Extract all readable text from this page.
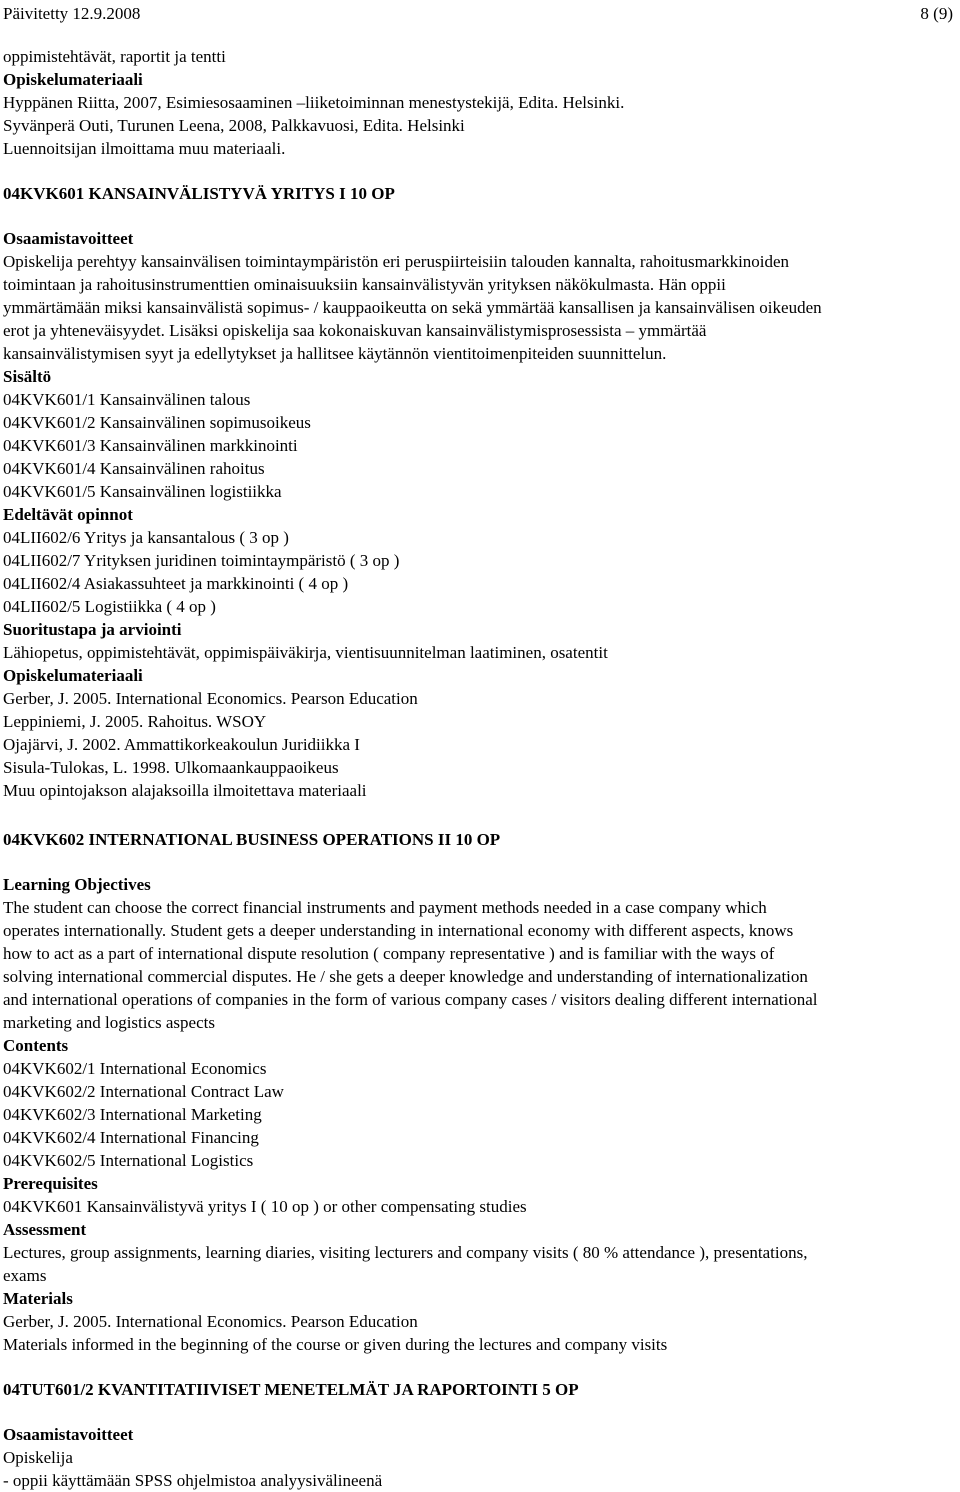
Päivitetty 12.9.2008	8 (9)
oppimistehtävät, raportit ja tentti
Opiskelumateriaali
Hyppänen Riitta, 2007, Esimiesosaaminen –liiketoiminnan menestystekijä, Edita. Helsinki.
Syvänperä Outi, Turunen Leena, 2008, Palkkavuosi, Edita. Helsinki
Luennoitsijan ilmoittama muu materiaali.
04KVK601 KANSAINVÄLISTYVÄ YRITYS I 10 OP
Osaamistavoitteet
Opiskelija perehtyy kansainvälisen toimintaympäristön eri peruspiirteisiin talouden kannalta, rahoitusmarkkinoiden
toimintaan ja rahoitusinstrumenttien ominaisuuksiin kansainvälistyvän yrityksen näkökulmasta. Hän oppii
ymmärtämään miksi kansainvälistä sopimus- / kauppaoikeutta on sekä ymmärtää kansallisen ja kansainvälisen oikeuden
erot ja yhteneväisyydet. Lisäksi opiskelija saa kokonaiskuvan kansainvälistymisprosessista – ymmärtää
kansainvälistymisen syyt ja edellytykset ja hallitsee käytännön vientitoimenpiteiden suunnittelun.
Sisältö
04KVK601/1 Kansainvälinen talous
04KVK601/2 Kansainvälinen sopimusoikeus
04KVK601/3 Kansainvälinen markkinointi
04KVK601/4 Kansainvälinen rahoitus
04KVK601/5 Kansainvälinen logistiikka
Edeltävät opinnot
04LII602/6 Yritys ja kansantalous ( 3 op )
04LII602/7 Yrityksen juridinen toimintaympäristö ( 3 op )
04LII602/4 Asiakassuhteet ja markkinointi ( 4 op )
04LII602/5 Logistiikka ( 4 op )
Suoritustapa ja arviointi
Lähiopetus, oppimistehtävät, oppimispäiväkirja, vientisuunnitelman laatiminen, osatentit
Opiskelumateriaali
Gerber, J. 2005. International Economics. Pearson Education
Leppiniemi, J. 2005. Rahoitus. WSOY
Ojajärvi, J. 2002. Ammattikorkeakoulun Juridiikka I
Sisula-Tulokas, L. 1998. Ulkomaankauppaoikeus
Muu opintojakson alajaksoilla ilmoitettava materiaali
04KVK602 INTERNATIONAL BUSINESS OPERATIONS II 10 OP
Learning Objectives
The student can choose the correct financial instruments and payment methods needed in a case company which
operates internationally. Student gets a deeper understanding in international economy with different aspects, knows
how to act as a part of international dispute resolution ( company representative ) and is familiar with the ways of
solving international commercial disputes. He / she gets a deeper knowledge and understanding of internationalization
and international operations of companies in the form of various company cases / visitors dealing different international
marketing and logistics aspects
Contents
04KVK602/1 International Economics
04KVK602/2 International Contract Law
04KVK602/3 International Marketing
04KVK602/4 International Financing
04KVK602/5 International Logistics
Prerequisites
04KVK601 Kansainvälistyvä yritys I ( 10 op ) or other compensating studies
Assessment
Lectures, group assignments, learning diaries, visiting lecturers and company visits ( 80 % attendance ), presentations,
exams
Materials
Gerber, J. 2005. International Economics. Pearson Education
Materials informed in the beginning of the course or given during the lectures and company visits
04TUT601/2 KVANTITATIIVISET MENETELMÄT JA RAPORTOINTI 5 OP
Osaamistavoitteet
Opiskelija
- oppii käyttämään SPSS ohjelmistoa analyysivälineenä
